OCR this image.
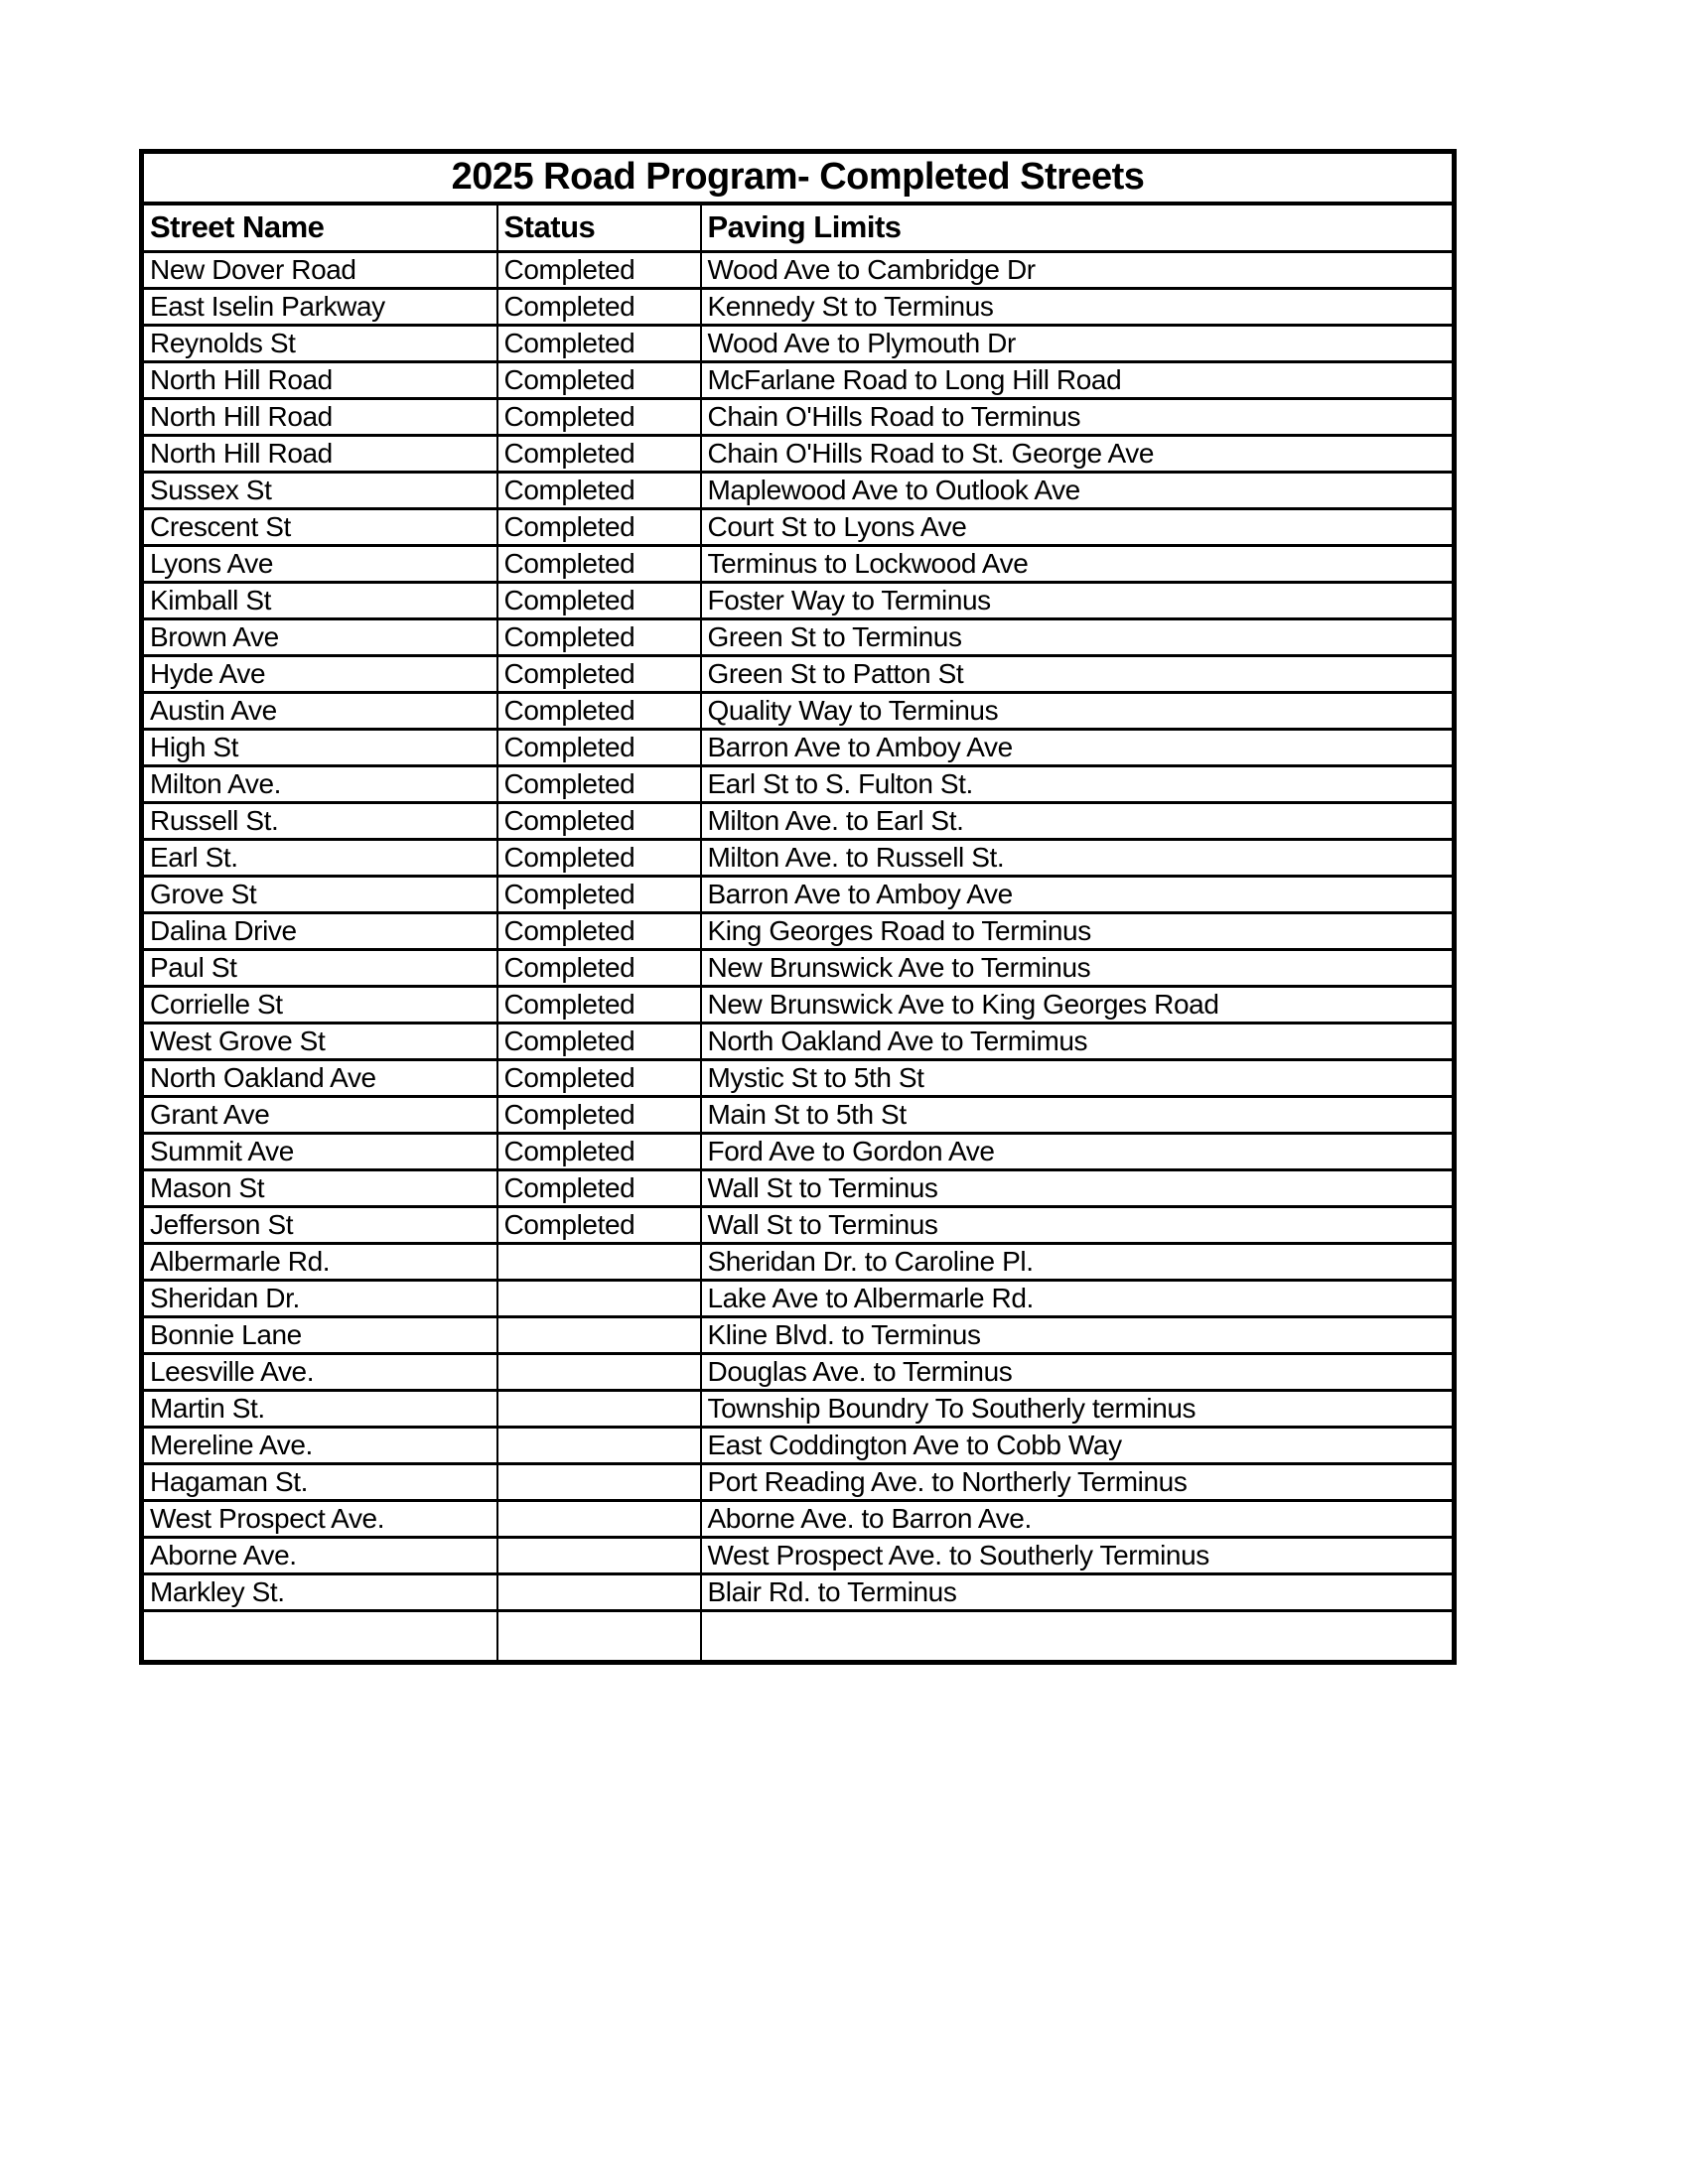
2025 Road Program- Completed Streets		
Street Name	Status	Paving Limits
New Dover Road	Completed	Wood Ave to Cambridge Dr
East Iselin Parkway	Completed	Kennedy St to Terminus
Reynolds St	Completed	Wood Ave to Plymouth Dr
North Hill Road	Completed	McFarlane Road to Long Hill Road
North Hill Road	Completed	Chain O'Hills Road to Terminus
North Hill Road	Completed	Chain O'Hills Road to St. George Ave
Sussex St	Completed	Maplewood Ave to Outlook Ave
Crescent St	Completed	Court St to Lyons Ave
Lyons Ave	Completed	Terminus to Lockwood Ave
Kimball St	Completed	Foster Way to Terminus
Brown Ave	Completed	Green St to Terminus
Hyde Ave	Completed	Green St to Patton St
Austin Ave	Completed	Quality Way to Terminus
High St	Completed	Barron Ave to Amboy Ave
Milton Ave.	Completed	Earl St to S. Fulton St.
Russell St.	Completed	Milton Ave. to Earl St.
Earl St.	Completed	Milton Ave. to Russell St.
Grove St	Completed	Barron Ave to Amboy Ave
Dalina Drive	Completed	King Georges Road to Terminus
Paul St	Completed	New Brunswick Ave to Terminus
Corrielle St	Completed	New Brunswick Ave to King Georges Road
West Grove St	Completed	North Oakland Ave to Termimus
North Oakland Ave	Completed	Mystic St to 5th St
Grant Ave	Completed	Main St to 5th St
Summit Ave	Completed	Ford Ave to Gordon Ave
Mason St	Completed	Wall St to Terminus
Jefferson St	Completed	Wall St to Terminus
Albermarle Rd.		Sheridan Dr. to Caroline Pl.
Sheridan Dr.		Lake Ave to Albermarle Rd.
Bonnie Lane		Kline Blvd. to Terminus
Leesville Ave.		Douglas Ave. to Terminus
Martin St.		Township Boundry To Southerly terminus
Mereline Ave.		East Coddington Ave to Cobb Way
Hagaman St.		Port Reading Ave. to Northerly Terminus
West Prospect Ave.		Aborne Ave. to Barron Ave.
Aborne Ave.		West Prospect Ave. to Southerly Terminus
Markley St.		Blair Rd. to Terminus
